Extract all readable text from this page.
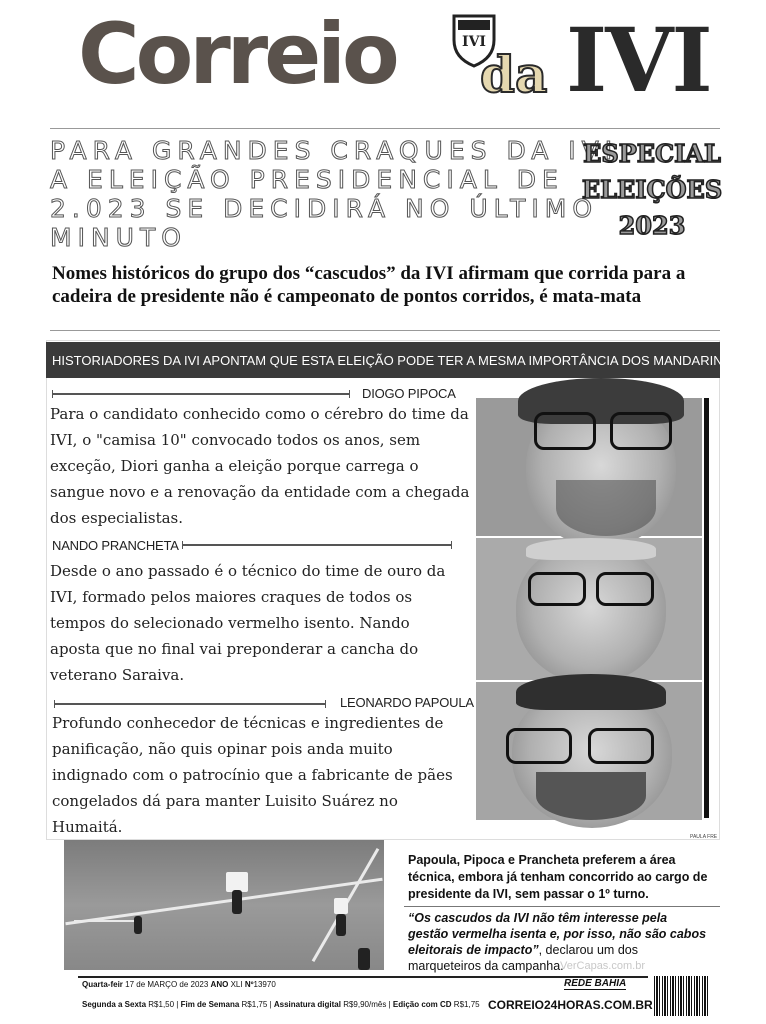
Correio	IVI
da IVI
PARA GRANDES CRAQUES DA IVI A ELEIÇÃO PRESIDENCIAL DE 2.023 SE DECIDIRÁ NO ÚLTIMO MINUTO
ESPECIAL
ELEIÇÕES
2023

Nomes históricos do grupo dos “cascudos” da IVI afirmam que corrida para a cadeira de presidente não é campeonato de pontos corridos, é mata-mata

HISTORIADORES DA IVI APONTAM QUE ESTA ELEIÇÃO PODE TER A MESMA IMPORTÂNCIA DOS MANDARINS PÁG. 14
DIOGO PIPOCA

Para o candidato conhecido como o cérebro do time da IVI, o "camisa 10" convocado todos os anos, sem exceção, Diori ganha a eleição porque carrega o sangue novo e a renovação da entidade com a chegada dos especialistas.

NANDO PRANCHETA

Desde o ano passado é o técnico do time de ouro da IVI, formado pelos maiores craques de todos os tempos do selecionado vermelho isento. Nando aposta que no final vai preponderar a cancha do veterano Saraiva.

LEONARDO PAPOULA

Profundo conhecedor de técnicas e ingredientes de panificação, não quis opinar pois anda muito indignado com o patrocínio que a fabricante de pães congelados dá para manter Luisito Suárez no Humaitá.

PAULA FRE

Papoula, Pipoca e Prancheta preferem a área técnica, embora já tenham concorrido ao cargo de presidente da IVI, sem passar o 1º turno.

“Os cascudos da IVI não têm interesse pela gestão vermelha isenta e, por isso, não são cabos eleitorais de impacto”, declarou um dos marqueteiros da campanha.

VerCapas.com.br
Quarta-feir 17 de MARÇO de 2023 ANO XLI Nº13970	REDE BAHIA
Segunda a Sexta R$1,50 | Fim de Semana R$1,75 | Assinatura digital R$9,90/mês | Edição com CD R$1,75 CORREIO24HORAS.COM.BR
